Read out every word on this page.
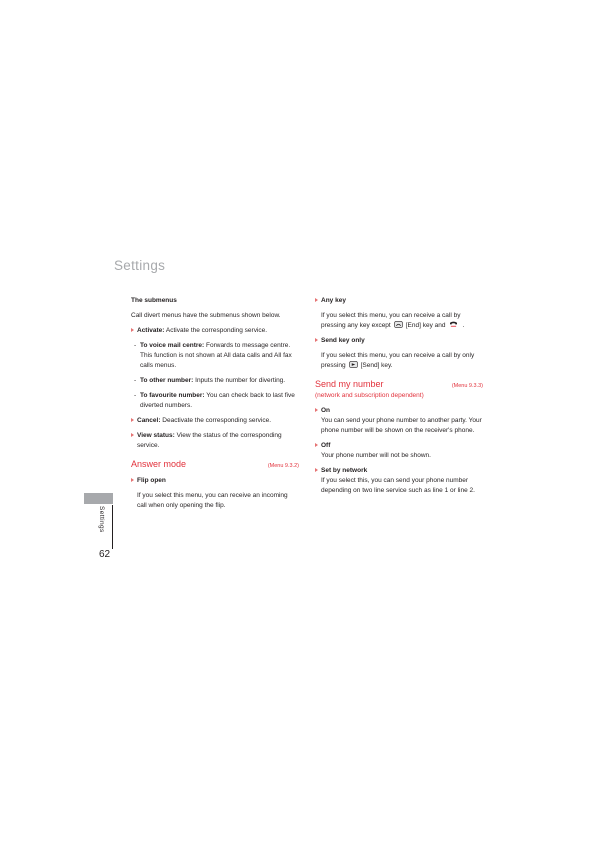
Settings
Settings
62

The submenus

Call divert menus have the submenus shown below.

Activate: Activate the corresponding service.
- To voice mail centre: Forwards to message centre. This function is not shown at All data calls and All fax calls menus.
- To other number: Inputs the number for diverting.
- To favourite number: You can check back to last five diverted numbers.
Cancel: Deactivate the corresponding service.
View status: View the status of the corresponding service.
Answer mode	(Menu 9.3.2)
Flip open

If you select this menu, you can receive an incoming call when only opening the flip.

Any key

If you select this menu, you can receive a call by pressing any key except [End] key and	.

Send key only

If you select this menu, you can receive a call by only pressing [Send] key.

Send my number	(Menu 9.3.3)

(network and subscription dependent)

On

You can send your phone number to another party. Your phone number will be shown on the receiver's phone.

Off

Your phone number will not be shown.

Set by network

If you select this, you can send your phone number depending on two line service such as line 1 or line 2.
